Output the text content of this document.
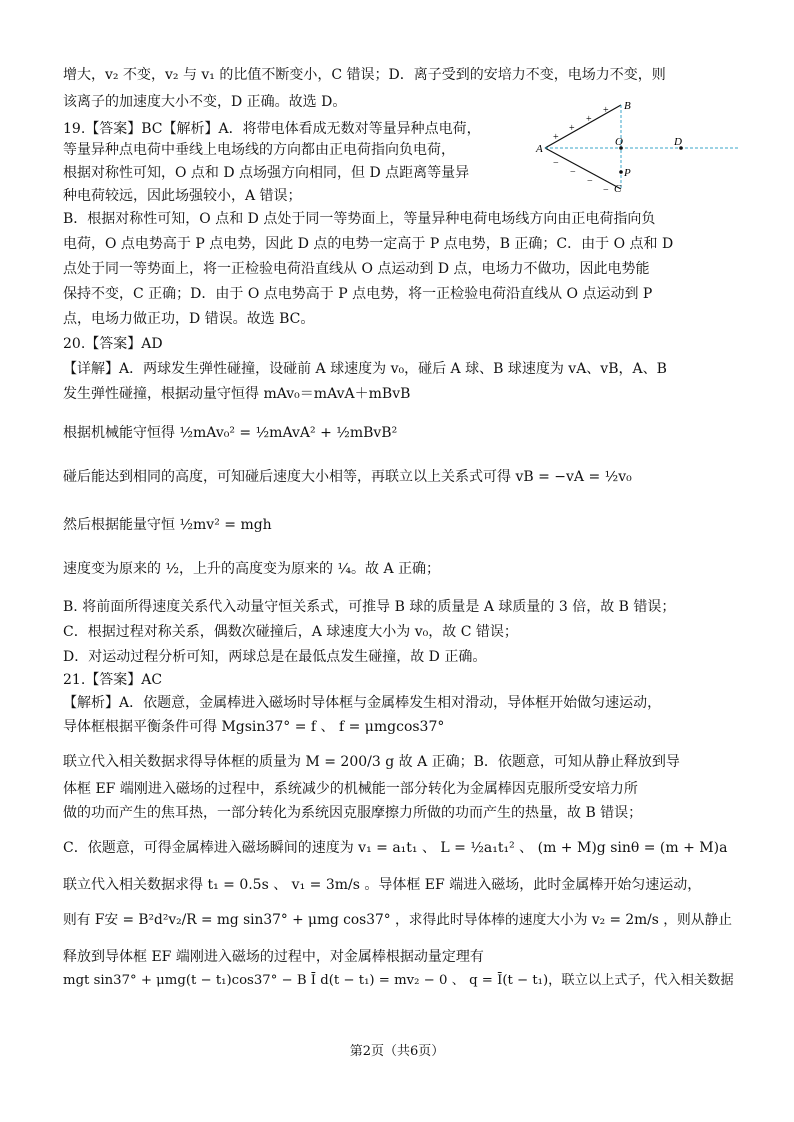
增大，v₂ 不变，v₂ 与 v₁ 的比值不断变小，C 错误；D．离子受到的安培力不变，电场力不变，则

该离子的加速度大小不变，D 正确。故选 D。

19.【答案】BC【解析】A．将带电体看成无数对等量异种点电荷，

等量异种点电荷中垂线上电场线的方向都由正电荷指向负电荷，

根据对称性可知，O 点和 D 点场强方向相同，但 D 点距离等量异

种电荷较远，因此场强较小，A 错误；

A
B
C
O	D
P
+
+
+
+
−
−
−
−

B．根据对称性可知，O 点和 D 点处于同一等势面上，等量异种电荷电场线方向由正电荷指向负

电荷，O 点电势高于 P 点电势，因此 D 点的电势一定高于 P 点电势，B 正确；C．由于 O 点和 D

点处于同一等势面上，将一正检验电荷沿直线从 O 点运动到 D 点，电场力不做功，因此电势能

保持不变，C 正确；D．由于 O 点电势高于 P 点电势，将一正检验电荷沿直线从 O 点运动到 P

点，电场力做正功，D 错误。故选 BC。

20.【答案】AD

【详解】A．两球发生弹性碰撞，设碰前 A 球速度为 v₀，碰后 A 球、B 球速度为 vA、vB，A、B

发生弹性碰撞，根据动量守恒得 mAv₀＝mAvA＋mBvB

根据机械能守恒得 ½mAv₀² = ½mAvA² + ½mBvB²

碰后能达到相同的高度，可知碰后速度大小相等，再联立以上关系式可得 vB = −vA = ½v₀

然后根据能量守恒 ½mv² = mgh

速度变为原来的 ½，上升的高度变为原来的 ¼。故 A 正确；

B. 将前面所得速度关系代入动量守恒关系式，可推导 B 球的质量是 A 球质量的 3 倍，故 B 错误；

C．根据过程对称关系，偶数次碰撞后，A 球速度大小为 v₀，故 C 错误；

D．对运动过程分析可知，两球总是在最低点发生碰撞，故 D 正确。

21.【答案】AC

【解析】A．依题意，金属棒进入磁场时导体框与金属棒发生相对滑动，导体框开始做匀速运动，

导体框根据平衡条件可得 Mgsin37° = f 、 f = μmgcos37°

联立代入相关数据求得导体框的质量为 M = 200/3 g 故 A 正确；B．依题意，可知从静止释放到导

体框 EF 端刚进入磁场的过程中，系统减少的机械能一部分转化为金属棒因克服所受安培力所

做的功而产生的焦耳热，一部分转化为系统因克服摩擦力所做的功而产生的热量，故 B 错误；

C．依题意，可得金属棒进入磁场瞬间的速度为 v₁ = a₁t₁ 、 L = ½a₁t₁² 、 (m + M)g sinθ = (m + M)a

联立代入相关数据求得 t₁ = 0.5s 、 v₁ = 3m/s 。导体框 EF 端进入磁场，此时金属棒开始匀速运动，

则有 F安 = B²d²v₂/R = mg sin37° + μmg cos37° ，求得此时导体棒的速度大小为 v₂ = 2m/s ，则从静止

释放到导体框 EF 端刚进入磁场的过程中，对金属棒根据动量定理有

mgt sin37° + μmg(t − t₁)cos37° − B Ī d(t − t₁) = mv₂ − 0 、 q = Ī(t − t₁)，联立以上式子，代入相关数据

第2页（共6页）
